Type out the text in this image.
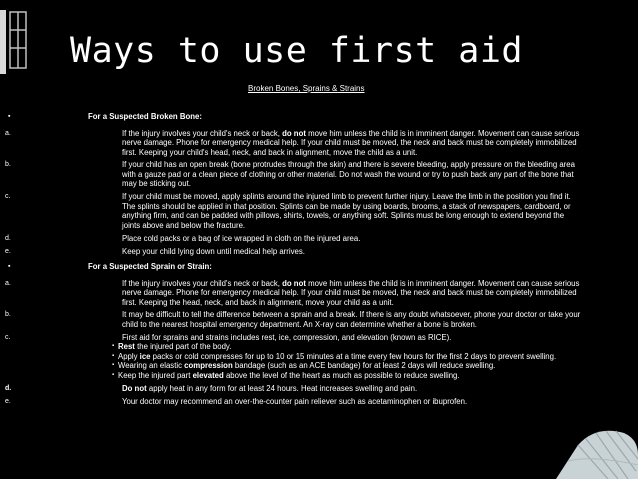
Ways to use first aid
Broken Bones, Sprains & Strains
▪	For a Suspected Broken Bone:
a.	If the injury involves your child's neck or back, do not move him unless the child is in imminent danger. Movement can cause serious nerve damage. Phone for emergency medical help. If your child must be moved, the neck and back must be completely immobilized first. Keeping your child's head, neck, and back in alignment, move the child as a unit.
b.	If your child has an open break (bone protrudes through the skin) and there is severe bleeding, apply pressure on the bleeding area with a gauze pad or a clean piece of clothing or other material. Do not wash the wound or try to push back any part of the bone that may be sticking out.
c.	If your child must be moved, apply splints around the injured limb to prevent further injury. Leave the limb in the position you find it. The splints should be applied in that position. Splints can be made by using boards, brooms, a stack of newspapers, cardboard, or anything firm, and can be padded with pillows, shirts, towels, or anything soft. Splints must be long enough to extend beyond the joints above and below the fracture.
d.	Place cold packs or a bag of ice wrapped in cloth on the injured area.
e.	Keep your child lying down until medical help arrives.
▪	For a Suspected Sprain or Strain:
a.	If the injury involves your child's neck or back, do not move him unless the child is in imminent danger. Movement can cause serious nerve damage. Phone for emergency medical help. If your child must be moved, the neck and back must be completely immobilized first. Keeping the head, neck, and back in alignment, move your child as a unit.
b.	It may be difficult to tell the difference between a sprain and a break. If there is any doubt whatsoever, phone your doctor or take your child to the nearest hospital emergency department. An X-ray can determine whether a bone is broken.
c.	First aid for sprains and strains includes rest, ice, compression, and elevation (known as RICE).
▪ Rest the injured part of the body.
▪ Apply ice packs or cold compresses for up to 10 or 15 minutes at a time every few hours for the first 2 days to prevent swelling.
▪ Wearing an elastic compression bandage (such as an ACE bandage) for at least 2 days will reduce swelling.
▪ Keep the injured part elevated above the level of the heart as much as possible to reduce swelling.
d.	Do not apply heat in any form for at least 24 hours. Heat increases swelling and pain.
e.	Your doctor may recommend an over-the-counter pain reliever such as acetaminophen or ibuprofen.
